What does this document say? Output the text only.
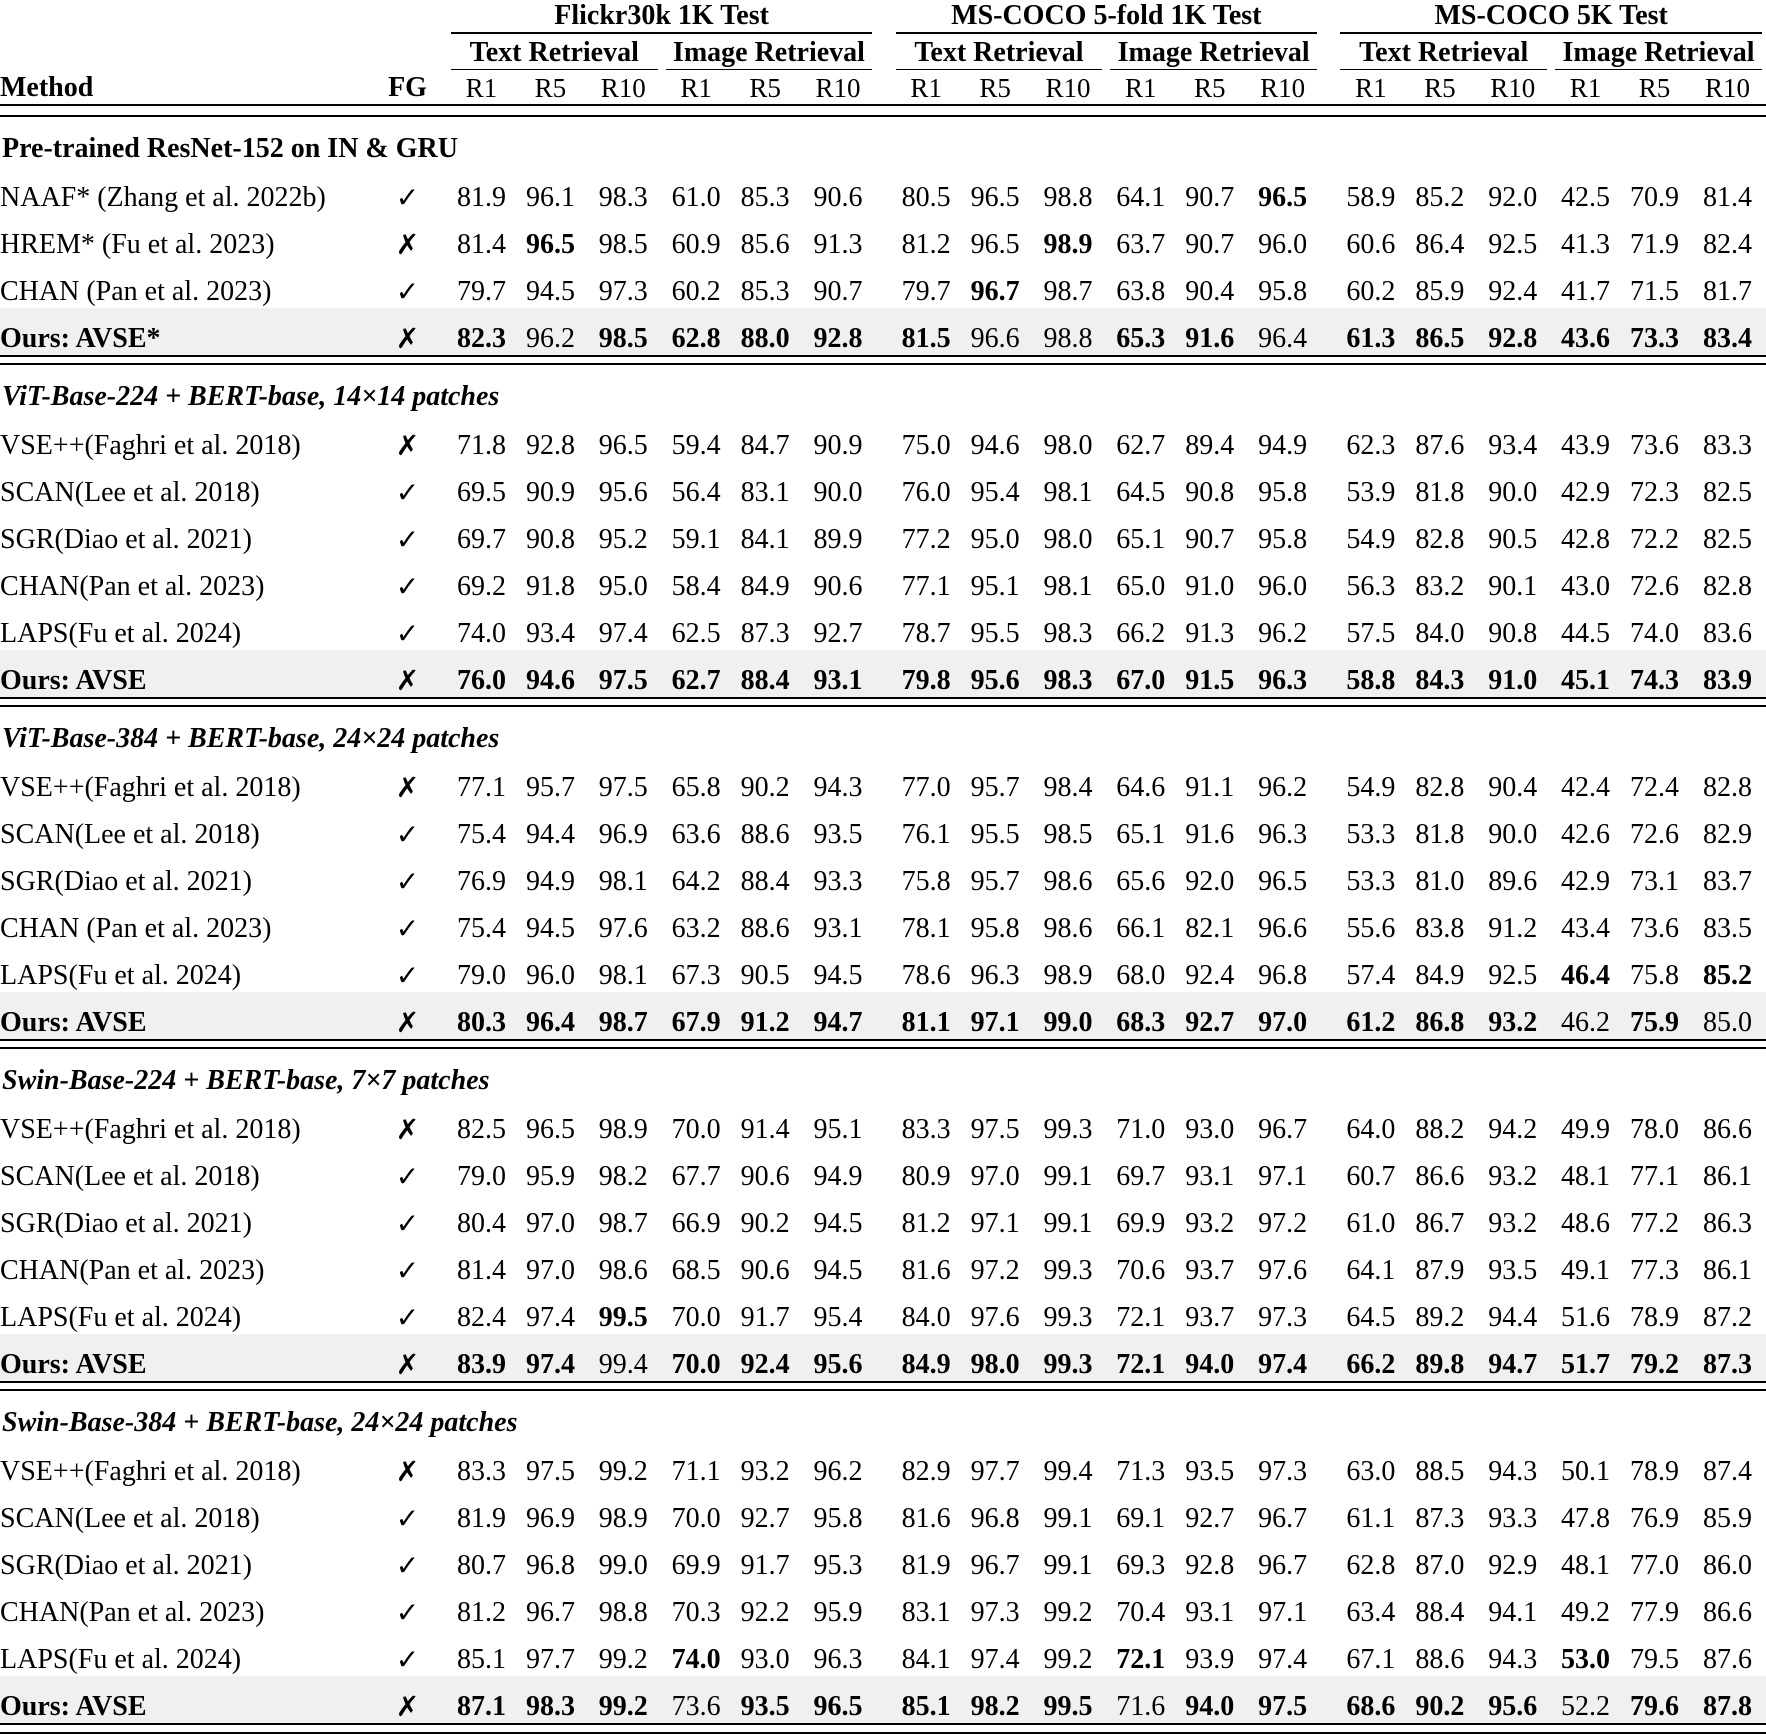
			Flickr30k 1K Test							MS-COCO 5-fold 1K Test							MS-COCO 5K Test					

Method	FG		Text Retrieval			Image Retrieval				Text Retrieval			Image Retrieval				Text Retrieval			Image Retrieval		

			R1	R5	R10	R1	R5	R10		R1	R5	R10	R1	R5	R10		R1	R5	R10	R1	R5	R10

Pre-trained ResNet-152 on IN & GRU																						
NAAF* (Zhang et al. 2022b)	✓		81.9	96.1	98.3	61.0	85.3	90.6		80.5	96.5	98.8	64.1	90.7	96.5		58.9	85.2	92.0	42.5	70.9	81.4
HREM* (Fu et al. 2023)	✗		81.4	96.5	98.5	60.9	85.6	91.3		81.2	96.5	98.9	63.7	90.7	96.0		60.6	86.4	92.5	41.3	71.9	82.4
CHAN (Pan et al. 2023)	✓		79.7	94.5	97.3	60.2	85.3	90.7		79.7	96.7	98.7	63.8	90.4	95.8		60.2	85.9	92.4	41.7	71.5	81.7
Ours: AVSE*	✗		82.3	96.2	98.5	62.8	88.0	92.8		81.5	96.6	98.8	65.3	91.6	96.4		61.3	86.5	92.8	43.6	73.3	83.4

ViT-Base-224 + BERT-base, 14×14 patches																						
VSE++(Faghri et al. 2018)	✗		71.8	92.8	96.5	59.4	84.7	90.9		75.0	94.6	98.0	62.7	89.4	94.9		62.3	87.6	93.4	43.9	73.6	83.3
SCAN(Lee et al. 2018)	✓		69.5	90.9	95.6	56.4	83.1	90.0		76.0	95.4	98.1	64.5	90.8	95.8		53.9	81.8	90.0	42.9	72.3	82.5
SGR(Diao et al. 2021)	✓		69.7	90.8	95.2	59.1	84.1	89.9		77.2	95.0	98.0	65.1	90.7	95.8		54.9	82.8	90.5	42.8	72.2	82.5
CHAN(Pan et al. 2023)	✓		69.2	91.8	95.0	58.4	84.9	90.6		77.1	95.1	98.1	65.0	91.0	96.0		56.3	83.2	90.1	43.0	72.6	82.8
LAPS(Fu et al. 2024)	✓		74.0	93.4	97.4	62.5	87.3	92.7		78.7	95.5	98.3	66.2	91.3	96.2		57.5	84.0	90.8	44.5	74.0	83.6
Ours: AVSE	✗		76.0	94.6	97.5	62.7	88.4	93.1		79.8	95.6	98.3	67.0	91.5	96.3		58.8	84.3	91.0	45.1	74.3	83.9

ViT-Base-384 + BERT-base, 24×24 patches																						
VSE++(Faghri et al. 2018)	✗		77.1	95.7	97.5	65.8	90.2	94.3		77.0	95.7	98.4	64.6	91.1	96.2		54.9	82.8	90.4	42.4	72.4	82.8
SCAN(Lee et al. 2018)	✓		75.4	94.4	96.9	63.6	88.6	93.5		76.1	95.5	98.5	65.1	91.6	96.3		53.3	81.8	90.0	42.6	72.6	82.9
SGR(Diao et al. 2021)	✓		76.9	94.9	98.1	64.2	88.4	93.3		75.8	95.7	98.6	65.6	92.0	96.5		53.3	81.0	89.6	42.9	73.1	83.7
CHAN (Pan et al. 2023)	✓		75.4	94.5	97.6	63.2	88.6	93.1		78.1	95.8	98.6	66.1	82.1	96.6		55.6	83.8	91.2	43.4	73.6	83.5
LAPS(Fu et al. 2024)	✓		79.0	96.0	98.1	67.3	90.5	94.5		78.6	96.3	98.9	68.0	92.4	96.8		57.4	84.9	92.5	46.4	75.8	85.2
Ours: AVSE	✗		80.3	96.4	98.7	67.9	91.2	94.7		81.1	97.1	99.0	68.3	92.7	97.0		61.2	86.8	93.2	46.2	75.9	85.0

Swin-Base-224 + BERT-base, 7×7 patches																						
VSE++(Faghri et al. 2018)	✗		82.5	96.5	98.9	70.0	91.4	95.1		83.3	97.5	99.3	71.0	93.0	96.7		64.0	88.2	94.2	49.9	78.0	86.6
SCAN(Lee et al. 2018)	✓		79.0	95.9	98.2	67.7	90.6	94.9		80.9	97.0	99.1	69.7	93.1	97.1		60.7	86.6	93.2	48.1	77.1	86.1
SGR(Diao et al. 2021)	✓		80.4	97.0	98.7	66.9	90.2	94.5		81.2	97.1	99.1	69.9	93.2	97.2		61.0	86.7	93.2	48.6	77.2	86.3
CHAN(Pan et al. 2023)	✓		81.4	97.0	98.6	68.5	90.6	94.5		81.6	97.2	99.3	70.6	93.7	97.6		64.1	87.9	93.5	49.1	77.3	86.1
LAPS(Fu et al. 2024)	✓		82.4	97.4	99.5	70.0	91.7	95.4		84.0	97.6	99.3	72.1	93.7	97.3		64.5	89.2	94.4	51.6	78.9	87.2
Ours: AVSE	✗		83.9	97.4	99.4	70.0	92.4	95.6		84.9	98.0	99.3	72.1	94.0	97.4		66.2	89.8	94.7	51.7	79.2	87.3

Swin-Base-384 + BERT-base, 24×24 patches																						
VSE++(Faghri et al. 2018)	✗		83.3	97.5	99.2	71.1	93.2	96.2		82.9	97.7	99.4	71.3	93.5	97.3		63.0	88.5	94.3	50.1	78.9	87.4
SCAN(Lee et al. 2018)	✓		81.9	96.9	98.9	70.0	92.7	95.8		81.6	96.8	99.1	69.1	92.7	96.7		61.1	87.3	93.3	47.8	76.9	85.9
SGR(Diao et al. 2021)	✓		80.7	96.8	99.0	69.9	91.7	95.3		81.9	96.7	99.1	69.3	92.8	96.7		62.8	87.0	92.9	48.1	77.0	86.0
CHAN(Pan et al. 2023)	✓		81.2	96.7	98.8	70.3	92.2	95.9		83.1	97.3	99.2	70.4	93.1	97.1		63.4	88.4	94.1	49.2	77.9	86.6
LAPS(Fu et al. 2024)	✓		85.1	97.7	99.2	74.0	93.0	96.3		84.1	97.4	99.2	72.1	93.9	97.4		67.1	88.6	94.3	53.0	79.5	87.6
Ours: AVSE	✗		87.1	98.3	99.2	73.6	93.5	96.5		85.1	98.2	99.5	71.6	94.0	97.5		68.6	90.2	95.6	52.2	79.6	87.8
